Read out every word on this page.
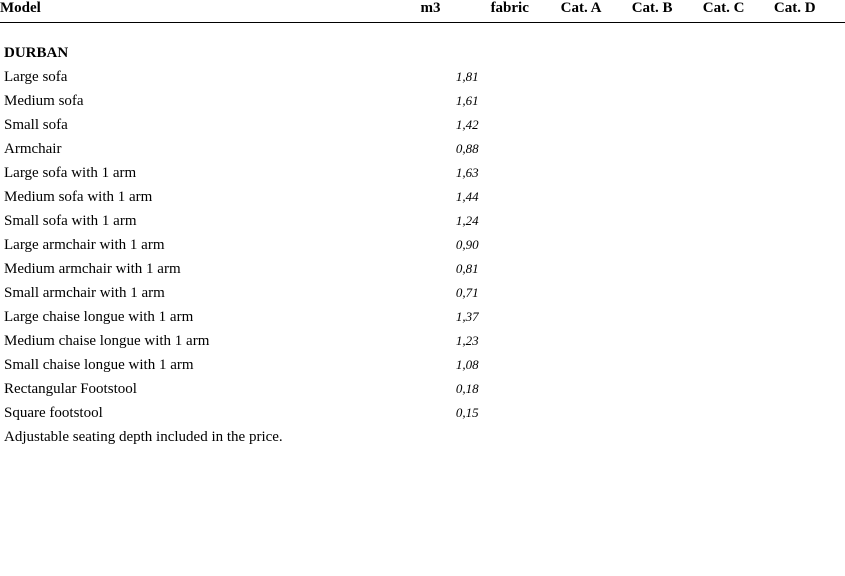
Model	m3	fabric	Cat. A	Cat. B	Cat. C	Cat. D

DURBAN						
Large sofa	1,81					
Medium sofa	1,61					
Small sofa	1,42					
Armchair	0,88					
Large sofa with 1 arm	1,63					
Medium sofa with 1 arm	1,44					
Small sofa with 1 arm	1,24					
Large armchair with 1 arm	0,90					
Medium armchair with 1 arm	0,81					
Small armchair with 1 arm	0,71					
Large chaise longue with 1 arm	1,37					
Medium chaise longue with 1 arm	1,23					
Small chaise longue with 1 arm	1,08					
Rectangular Footstool	0,18					
Square footstool	0,15					
Adjustable seating depth included in the price.						
